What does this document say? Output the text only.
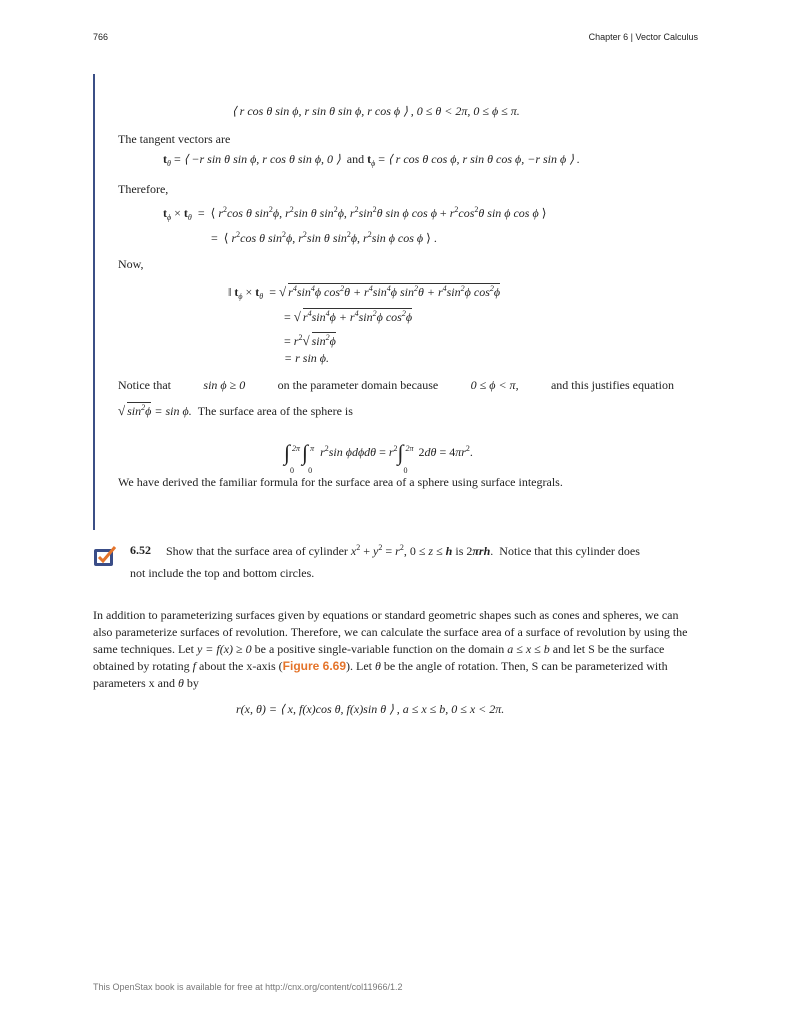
766	Chapter 6 | Vector Calculus
⟨ r cos θ sin ϕ, r sin θ sin ϕ, r cos ϕ ⟩ , 0 ≤ θ < 2π, 0 ≤ ϕ ≤ π.
The tangent vectors are
$t_\theta$ = ⟨ −r sin θ sin ϕ, r cos θ sin ϕ, 0 ⟩ and $t_\phi$ = ⟨ r cos θ cos ϕ, r sin θ cos ϕ, −r sin ϕ ⟩ .
Therefore,
$t_\phi \times t_\theta$  =  ⟨ $r^2\cos$ θ $\sin^2\phi$, $r^2\sin$ θ $\sin^2\phi$, $r^2\sin^2\theta$ sin ϕ $\cos \phi + r^2\cos^2\theta$ sin ϕ cos ϕ ⟩
=  ⟨ $r^2\cos$ θ $\sin^2\phi$, $r^2\sin$ θ $\sin^2\phi$, $r^2\sin$ ϕ cos ϕ ⟩ .
Now,
‖ $t_\phi \times t_\theta$  = √ $r^4\sin^4\phi$ $\cos^2\theta + r^4\sin^4\phi$ $\sin^2\theta + r^4\sin^2\phi$ $\cos^2\phi$
= √ $r^4\sin^4\phi + r^4\sin^2\phi$ $\cos^2\phi$
= $r^2√$ $\sin^2\phi$
= r sin ϕ.
Notice that	sin ϕ ≥ 0	on the parameter domain because	0 ≤ ϕ < π,	and this justifies equation
√ $\sin^2\phi = \sin \phi$. The surface area of the sphere is
∫ 2π
0
∫ π
0
$r^2\sin$ $\phi d\phi d\theta = r^2\int$ 2π
0
$2d\theta = 4\pi r^2$.
We have derived the familiar formula for the surface area of a sphere using surface integrals.
6.52 Show that the surface area of cylinder $x^2 + y^2 = r^2$, 0 ≤ z ≤ h is 2πrh.  Notice that this cylinder does
not include the top and bottom circles.
In addition to parameterizing surfaces given by equations or standard geometric shapes such as cones and spheres, we can
also parameterize surfaces of revolution. Therefore, we can calculate the surface area of a surface of revolution by using the
same techniques. Let y = f(x) ≥ 0 be a positive single-variable function on the domain a ≤ x ≤ b and let S be the surface
obtained by rotating f about the x-axis (Figure 6.69). Let θ be the angle of rotation. Then, S can be parameterized with
parameters x and θ by
r(x, θ) = ⟨ x, f(x)cos θ, f(x)sin θ ⟩ , a ≤ x ≤ b, 0 ≤ x < 2π.
This OpenStax book is available for free at http://cnx.org/content/col11966/1.2
